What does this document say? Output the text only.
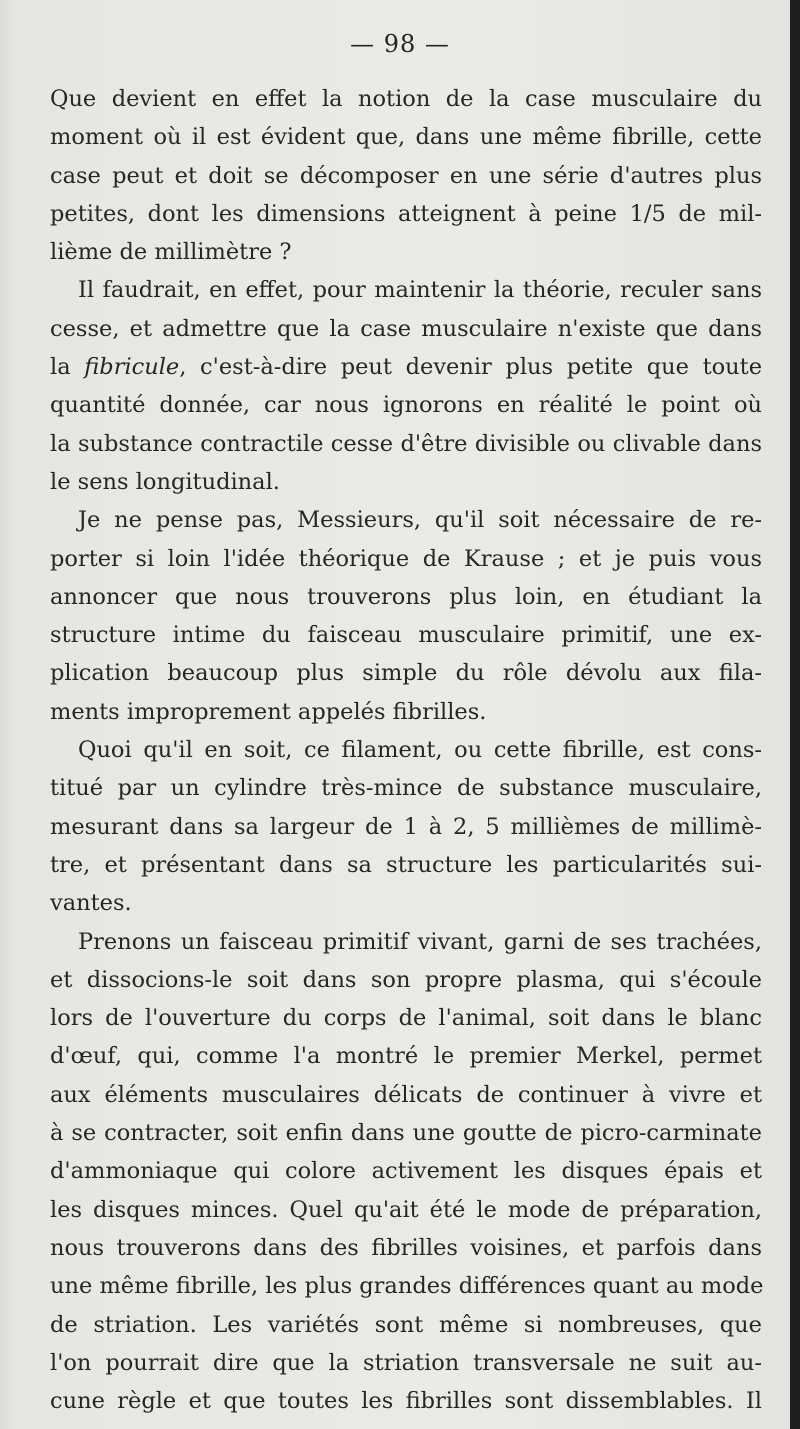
— 98 —
Que devient en effet la notion de la case musculaire du
moment où il est évident que, dans une même fibrille, cette
case peut et doit se décomposer en une série d'autres plus
petites, dont les dimensions atteignent à peine 1/5 de mil-
lième de millimètre ?
Il faudrait, en effet, pour maintenir la théorie, reculer sans
cesse, et admettre que la case musculaire n'existe que dans
la fibricule, c'est-à-dire peut devenir plus petite que toute
quantité donnée, car nous ignorons en réalité le point où
la substance contractile cesse d'être divisible ou clivable dans
le sens longitudinal.
Je ne pense pas, Messieurs, qu'il soit nécessaire de re-
porter si loin l'idée théorique de Krause ; et je puis vous
annoncer que nous trouverons plus loin, en étudiant la
structure intime du faisceau musculaire primitif, une ex-
plication beaucoup plus simple du rôle dévolu aux fila-
ments improprement appelés fibrilles.
Quoi qu'il en soit, ce filament, ou cette fibrille, est cons-
titué par un cylindre très-mince de substance musculaire,
mesurant dans sa largeur de 1 à 2, 5 millièmes de millimè-
tre, et présentant dans sa structure les particularités sui-
vantes.
Prenons un faisceau primitif vivant, garni de ses trachées,
et dissocions-le soit dans son propre plasma, qui s'écoule
lors de l'ouverture du corps de l'animal, soit dans le blanc
d'œuf, qui, comme l'a montré le premier Merkel, permet
aux éléments musculaires délicats de continuer à vivre et
à se contracter, soit enfin dans une goutte de picro-carminate
d'ammoniaque qui colore activement les disques épais et
les disques minces. Quel qu'ait été le mode de préparation,
nous trouverons dans des fibrilles voisines, et parfois dans
une même fibrille, les plus grandes différences quant au mode
de striation. Les variétés sont même si nombreuses, que
l'on pourrait dire que la striation transversale ne suit au-
cune règle et que toutes les fibrilles sont dissemblables. Il
